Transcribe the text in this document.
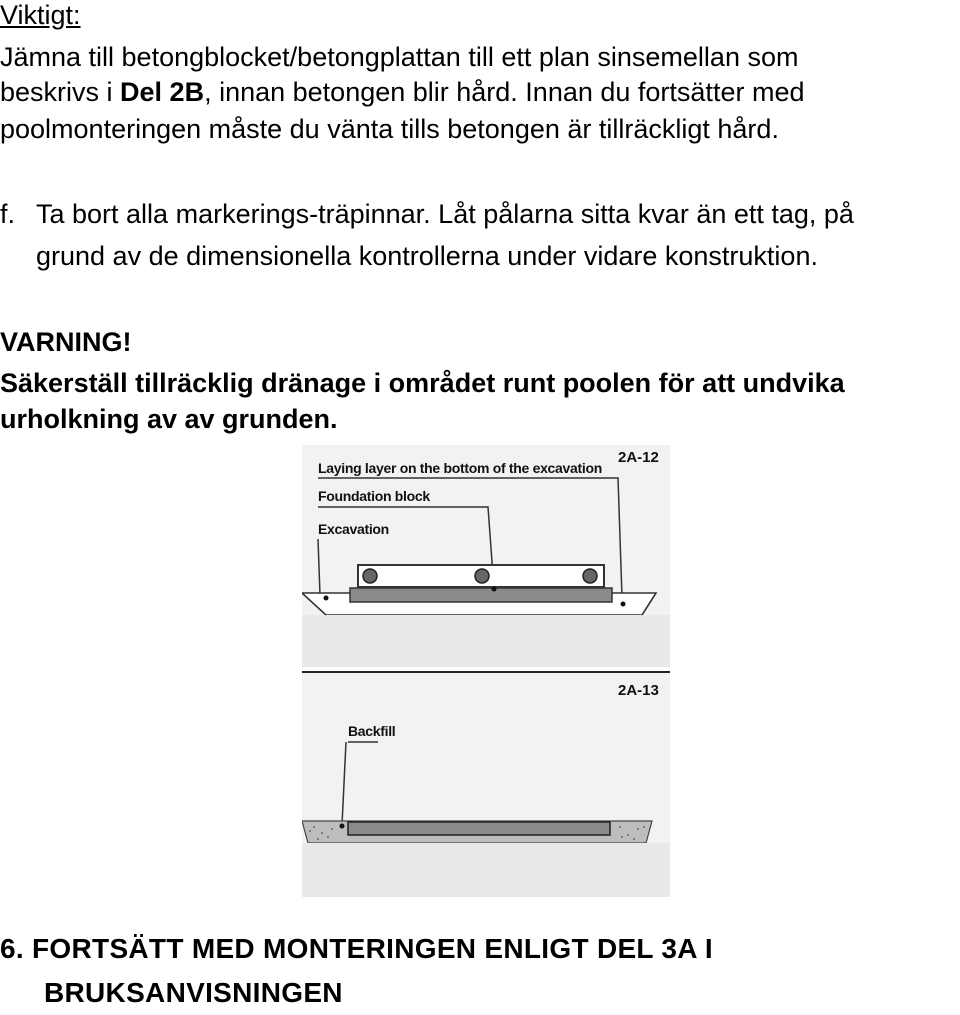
Viktigt:
Jämna till betongblocket/betongplattan till ett plan sinsemellan som
beskrivs i Del 2B, innan betongen blir hård. Innan du fortsätter med
poolmonteringen måste du vänta tills betongen är tillräckligt hård.
f. Ta bort alla markerings-träpinnar. Låt pålarna sitta kvar än ett tag, på
grund av de dimensionella kontrollerna under vidare konstruktion.
VARNING!
Säkerställ tillräcklig dränage i området runt poolen för att undvika
urholkning av av grunden.
2A-12
Laying layer on the bottom of the excavation
Foundation block
Excavation
2A-13
Backfill
6. FORTSÄTT MED MONTERINGEN ENLIGT DEL 3A I
BRUKSANVISNINGEN
